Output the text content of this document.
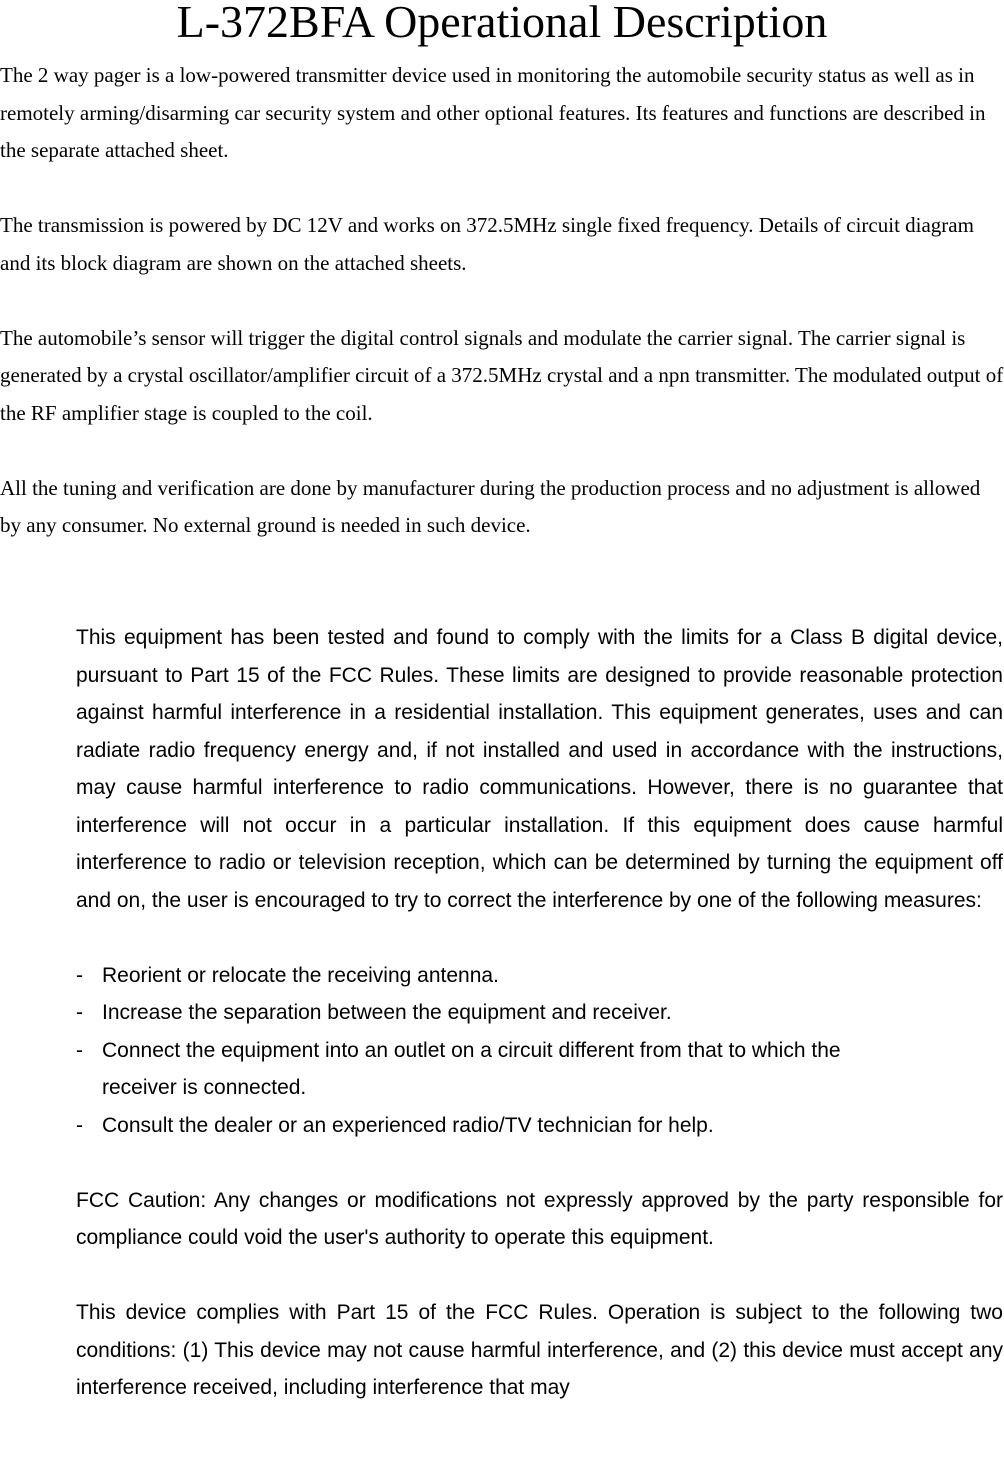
L-372BFA Operational Description

The 2 way pager is a low-powered transmitter device used in monitoring the automobile security status as well as in remotely arming/disarming car security system and other optional features. Its features and functions are described in the separate attached sheet.

The transmission is powered by DC 12V and works on 372.5MHz single fixed frequency. Details of circuit diagram and its block diagram are shown on the attached sheets.

The automobile’s sensor will trigger the digital control signals and modulate the carrier signal. The carrier signal is generated by a crystal oscillator/amplifier circuit of a 372.5MHz crystal and a npn transmitter. The modulated output of the RF amplifier stage is coupled to the coil.

All the tuning and verification are done by manufacturer during the production process and no adjustment is allowed by any consumer. No external ground is needed in such device.

This equipment has been tested and found to comply with the limits for a Class B digital device, pursuant to Part 15 of the FCC Rules. These limits are designed to provide reasonable protection against harmful interference in a residential installation. This equipment generates, uses and can radiate radio frequency energy and, if not installed and used in accordance with the instructions, may cause harmful interference to radio communications. However, there is no guarantee that interference will not occur in a particular installation. If this equipment does cause harmful interference to radio or television reception, which can be determined by turning the equipment off and on, the user is encouraged to try to correct the interference by one of the following measures:

- Reorient or relocate the receiving antenna.
- Increase the separation between the equipment and receiver.
- Connect the equipment into an outlet on a circuit different from that to which the receiver is connected.
- Consult the dealer or an experienced radio/TV technician for help.

FCC Caution: Any changes or modifications not expressly approved by the party responsible for compliance could void the user's authority to operate this equipment.

This device complies with Part 15 of the FCC Rules. Operation is subject to the following two conditions: (1) This device may not cause harmful interference, and (2) this device must accept any interference received, including interference that may
